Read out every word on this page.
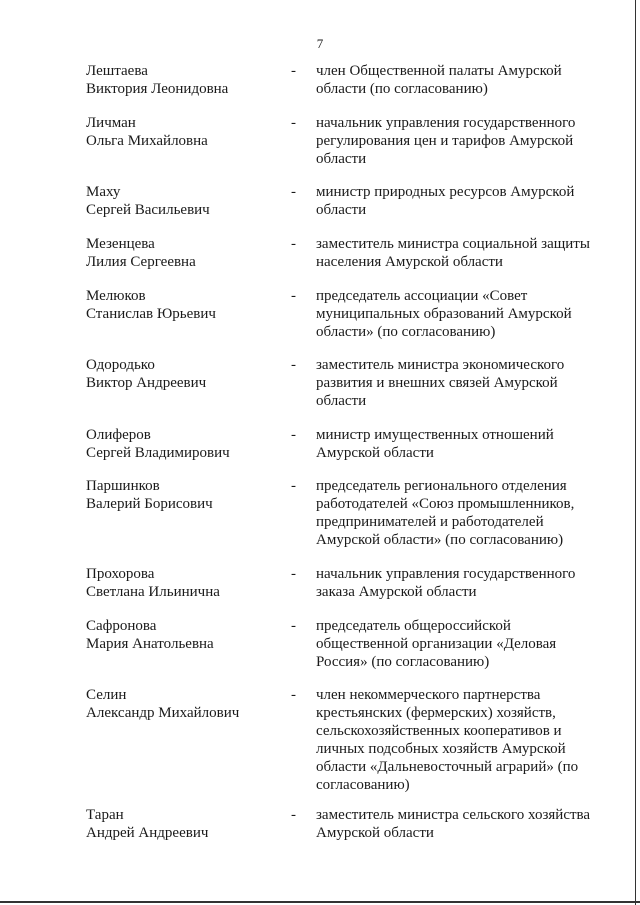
7
Лештаева
Виктория Леонидовна
- член Общественной палаты Амурской
области (по согласованию)
Личман
Ольга Михайловна
- начальник управления государственного
регулирования цен и тарифов Амурской
области
Маху
Сергей Васильевич
- министр природных ресурсов Амурской
области
Мезенцева
Лилия Сергеевна
- заместитель министра социальной защиты
населения Амурской области
Мелюков
Станислав Юрьевич
- председатель ассоциации «Совет
муниципальных образований Амурской
области» (по согласованию)
Одородько
Виктор Андреевич
- заместитель министра экономического
развития и внешних связей Амурской
области
Олиферов
Сергей Владимирович
- министр имущественных отношений
Амурской области
Паршинков
Валерий Борисович
- председатель регионального отделения
работодателей «Союз промышленников,
предпринимателей и работодателей
Амурской области» (по согласованию)
Прохорова
Светлана Ильинична
- начальник управления государственного
заказа Амурской области
Сафронова
Мария Анатольевна
- председатель общероссийской
общественной организации «Деловая
Россия» (по согласованию)
Селин
Александр Михайлович
- член некоммерческого партнерства
крестьянских (фермерских) хозяйств,
сельскохозяйственных кооперативов и
личных подсобных хозяйств Амурской
области «Дальневосточный аграрий» (по
согласованию)
Таран
Андрей Андреевич
- заместитель министра сельского хозяйства
Амурской области
